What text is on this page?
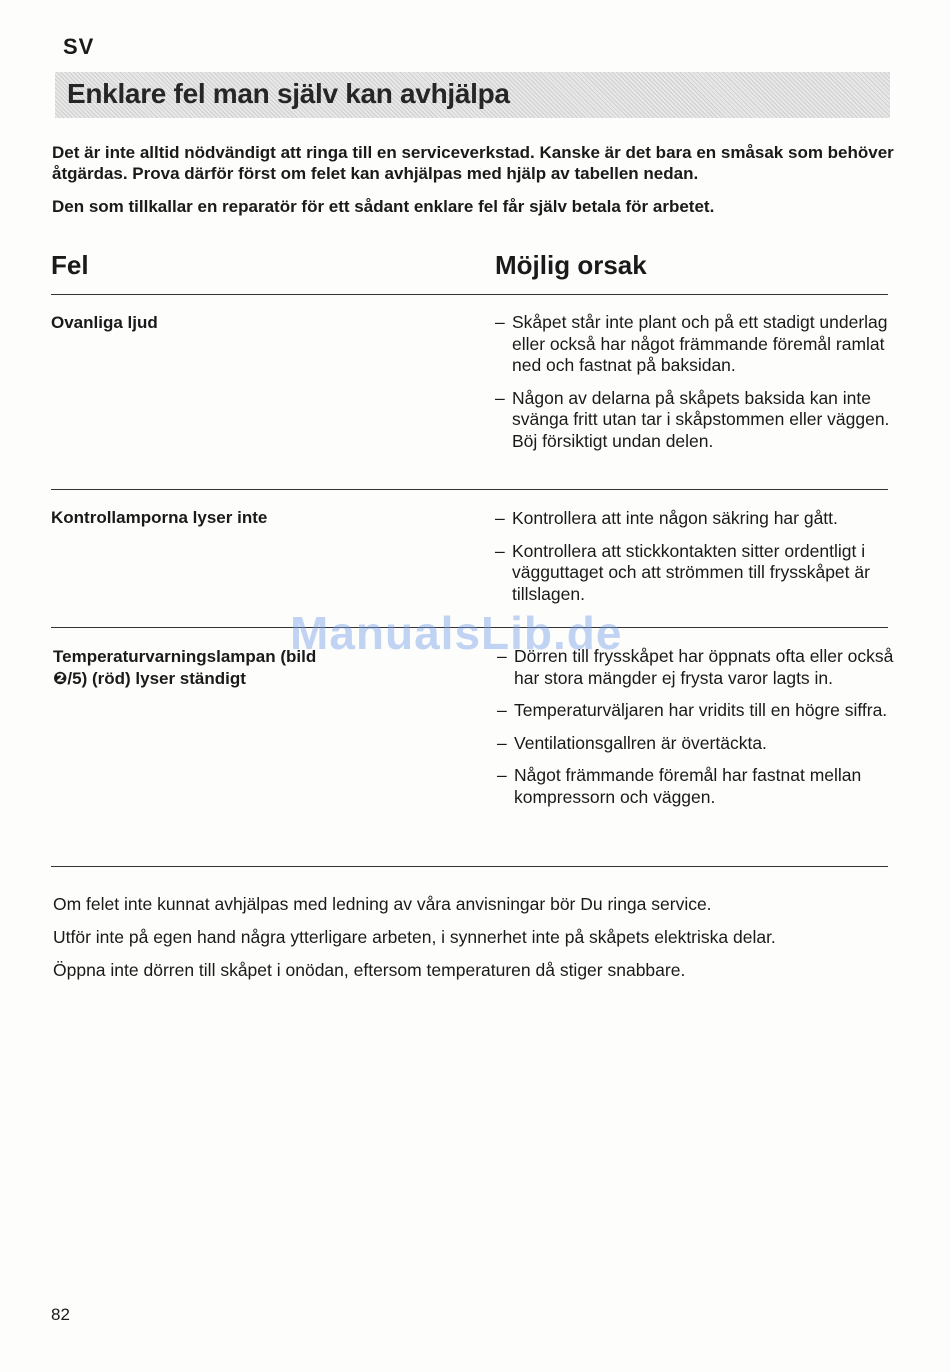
SV
Enklare fel man själv kan avhjälpa

Det är inte alltid nödvändigt att ringa till en serviceverkstad. Kanske är det bara en småsak som behöver åtgärdas. Prova därför först om felet kan avhjälpas med hjälp av tabellen nedan.

Den som tillkallar en reparatör för ett sådant enklare fel får själv betala för arbetet.

Fel	Möjlig orsak
Ovanliga ljud	– Skåpet står inte plant och på ett stadigt underlag eller också har något främmande föremål ramlat ned och fastnat på baksidan.
– Någon av delarna på skåpets baksida kan inte svänga fritt utan tar i skåpstommen eller väggen. Böj försiktigt undan delen.
Kontrollamporna lyser inte	– Kontrollera att inte någon säkring har gått.
– Kontrollera att stickkontakten sitter ordentligt i vägguttaget och att strömmen till frysskåpet är tillslagen.
Temperaturvarningslampan (bild ❷/5) (röd) lyser ständigt
– Dörren till frysskåpet har öppnats ofta eller också har stora mängder ej frysta varor lagts in.
– Temperaturväljaren har vridits till en högre siffra.
– Ventilationsgallren är övertäckta.
– Något främmande föremål har fastnat mellan kompressorn och väggen.

Om felet inte kunnat avhjälpas med ledning av våra anvisningar bör Du ringa service.

Utför inte på egen hand några ytterligare arbeten, i synnerhet inte på skåpets elektriska delar.

Öppna inte dörren till skåpet i onödan, eftersom temperaturen då stiger snabbare.

ManualsLib.de
82
